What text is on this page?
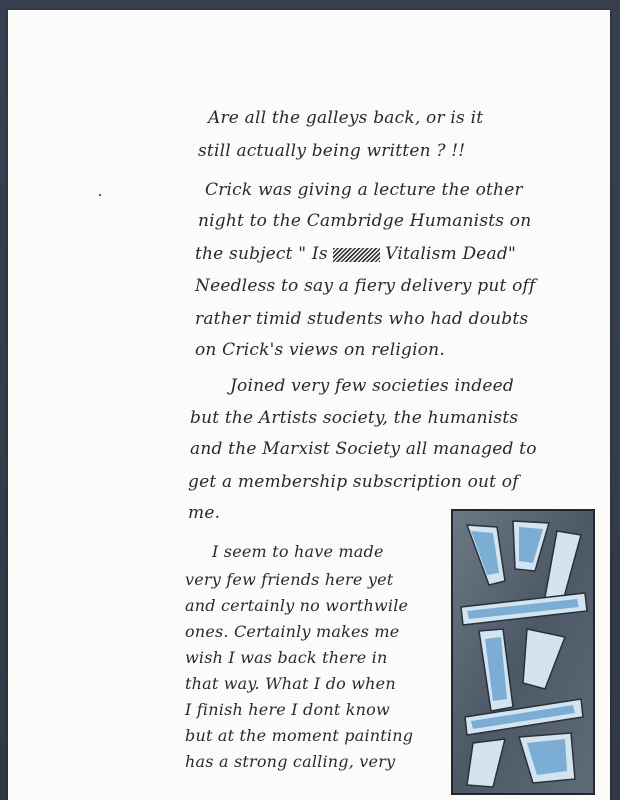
Are all the galleys back, or is it

still actually being written ? !!

Crick was giving a lecture the other

night to the Cambridge Humanists on

the subject " Is ​            Vitalism Dead"

Needless to say a fiery delivery put off

rather timid students who had doubts

on Crick's views on religion.

Joined very few societies indeed

but the Artists society, the humanists

and the Marxist Society all managed to

get a membership subscription out of

me.

I seem to have made

very few friends here yet

and certainly no worthwile

ones. Certainly makes me

wish I was back there in

that way. What I do when

I finish here I dont know

but at the moment painting

has a strong calling, very
